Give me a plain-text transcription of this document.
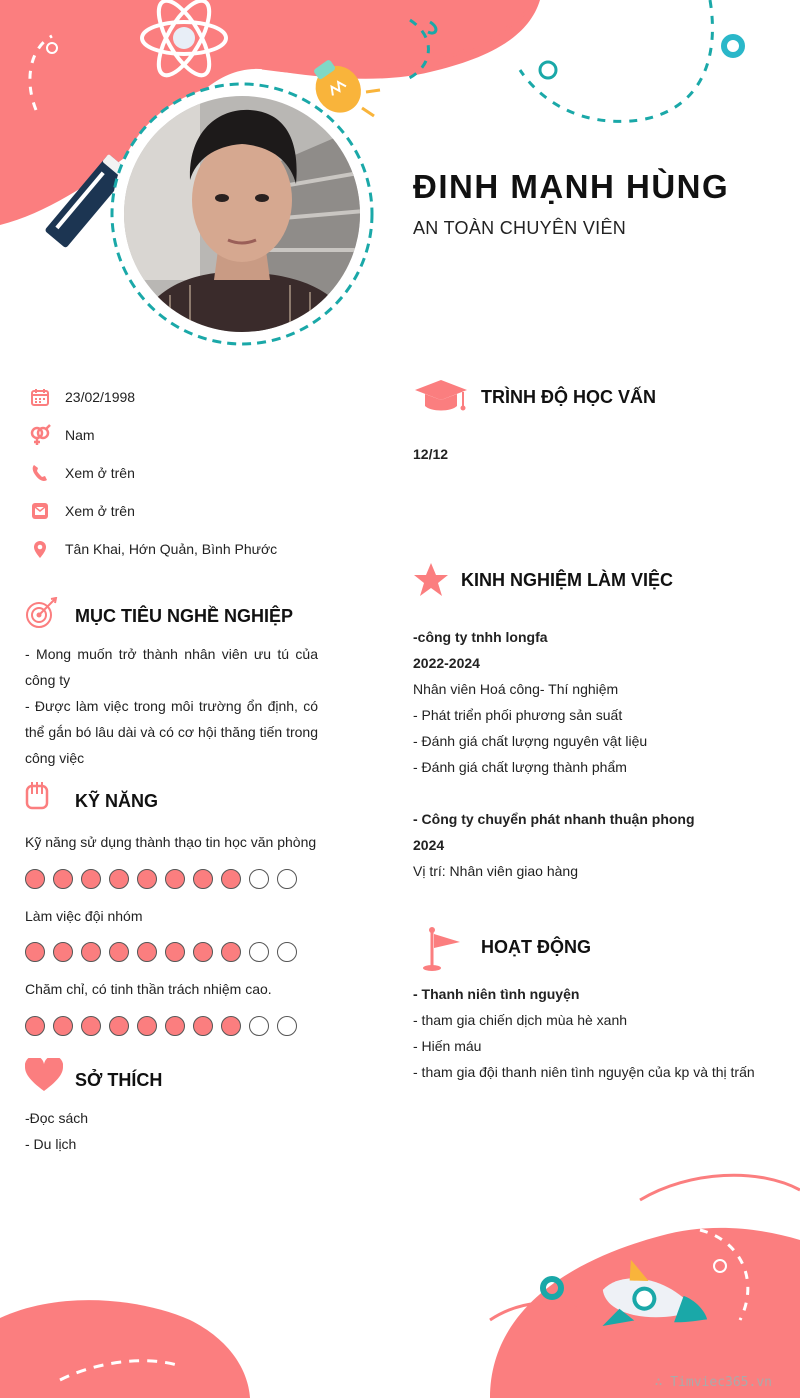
ĐINH MẠNH HÙNG
AN TOÀN CHUYÊN VIÊN
23/02/1998
Nam
Xem ở trên
Xem ở trên
Tân Khai, Hớn Quản, Bình Phước
MỤC TIÊU NGHỀ NGHIỆP
- Mong muốn trở thành nhân viên ưu tú của công ty
- Được làm việc trong môi trường ổn định, có thể gắn bó lâu dài và có cơ hội thăng tiến trong công việc
KỸ NĂNG
Kỹ năng sử dụng thành thạo tin học văn phòng
Làm việc đội nhóm
Chăm chỉ, có tinh thần trách nhiệm cao.
SỞ THÍCH
-Đọc sách
- Du lịch
TRÌNH ĐỘ HỌC VẤN
12/12
KINH NGHIỆM LÀM VIỆC
-công ty tnhh longfa
2022-2024
Nhân viên Hoá công- Thí nghiệm
- Phát triển phối phương sản suất
- Đánh giá chất lượng nguyên vật liệu
- Đánh giá chất lượng thành phẩm
- Công ty chuyển phát nhanh thuận phong
2024
Vị trí: Nhân viên giao hàng
HOẠT ĐỘNG
- Thanh niên tình nguyện
- tham gia chiến dịch mùa hè xanh
- Hiến máu
- tham gia đội thanh niên tình nguyện của kp và thị trấn
∴ Timviec365.vn
